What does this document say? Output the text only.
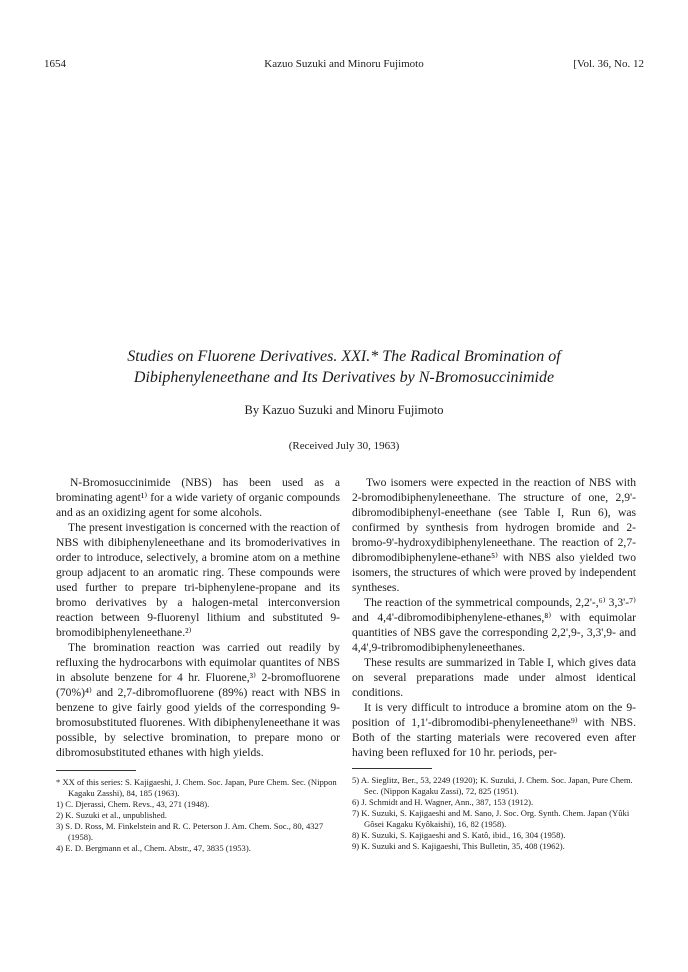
1654	Kazuo Suzuki and Minoru Fujimoto	[Vol. 36, No. 12
Studies on Fluorene Derivatives. XXI.* The Radical Bromination of
Dibiphenyleneethane and Its Derivatives by N-Bromosuccinimide
By Kazuo Suzuki and Minoru Fujimoto
(Received July 30, 1963)

N-Bromosuccinimide (NBS) has been used as a brominating agent¹⁾ for a wide variety of organic compounds and as an oxidizing agent for some alcohols.

The present investigation is concerned with the reaction of NBS with dibiphenyleneethane and its bromoderivatives in order to introduce, selectively, a bromine atom on a methine group adjacent to an aromatic ring. These compounds were used further to prepare tri-biphenylene-propane and its bromo derivatives by a halogen-metal interconversion reaction between 9-fluorenyl lithium and substituted 9-bromodibiphenyleneethane.²⁾

The bromination reaction was carried out readily by refluxing the hydrocarbons with equimolar quantites of NBS in absolute benzene for 4 hr. Fluorene,³⁾ 2-bromofluorene (70%)⁴⁾ and 2,7-dibromofluorene (89%) react with NBS in benzene to give fairly good yields of the corresponding 9-bromosubstituted fluorenes. With dibiphenyleneethane it was possible, by selective bromination, to prepare mono or dibromosubstituted ethanes with high yields.

* XX of this series: S. Kajigaeshi, J. Chem. Soc. Japan, Pure Chem. Sec. (Nippon Kagaku Zasshi), 84, 185 (1963).

1) C. Djerassi, Chem. Revs., 43, 271 (1948).

2) K. Suzuki et al., unpublished.

3) S. D. Ross, M. Finkelstein and R. C. Peterson J. Am. Chem. Soc., 80, 4327 (1958).

4) E. D. Bergmann et al., Chem. Abstr., 47, 3835 (1953).

Two isomers were expected in the reaction of NBS with 2-bromodibiphenyleneethane. The structure of one, 2,9'-dibromodibiphenyl-eneethane (see Table I, Run 6), was confirmed by synthesis from hydrogen bromide and 2-bromo-9'-hydroxydibiphenyleneethane. The reaction of 2,7-dibromodibiphenylene-ethane⁵⁾ with NBS also yielded two isomers, the structures of which were proved by independent syntheses.

The reaction of the symmetrical compounds, 2,2'-,⁶⁾ 3,3'-⁷⁾ and 4,4'-dibromodibiphenylene-ethanes,⁸⁾ with equimolar quantities of NBS gave the corresponding 2,2',9-, 3,3',9- and 4,4',9-tribromodibiphenyleneethanes.

These results are summarized in Table I, which gives data on several preparations made under almost identical conditions.

It is very difficult to introduce a bromine atom on the 9-position of 1,1'-dibromodibi-phenyleneethane⁹⁾ with NBS. Both of the starting materials were recovered even after having been refluxed for 10 hr. periods, per-

5) A. Sieglitz, Ber., 53, 2249 (1920); K. Suzuki, J. Chem. Soc. Japan, Pure Chem. Sec. (Nippon Kagaku Zassi), 72, 825 (1951).

6) J. Schmidt and H. Wagner, Ann., 387, 153 (1912).

7) K. Suzuki, S. Kajigaeshi and M. Sano, J. Soc. Org. Synth. Chem. Japan (Yûki Gôsei Kagaku Kyôkaishi), 16, 82 (1958).

8) K. Suzuki, S. Kajigaeshi and S. Katô, ibid., 16, 304 (1958).

9) K. Suzuki and S. Kajigaeshi, This Bulletin, 35, 408 (1962).
